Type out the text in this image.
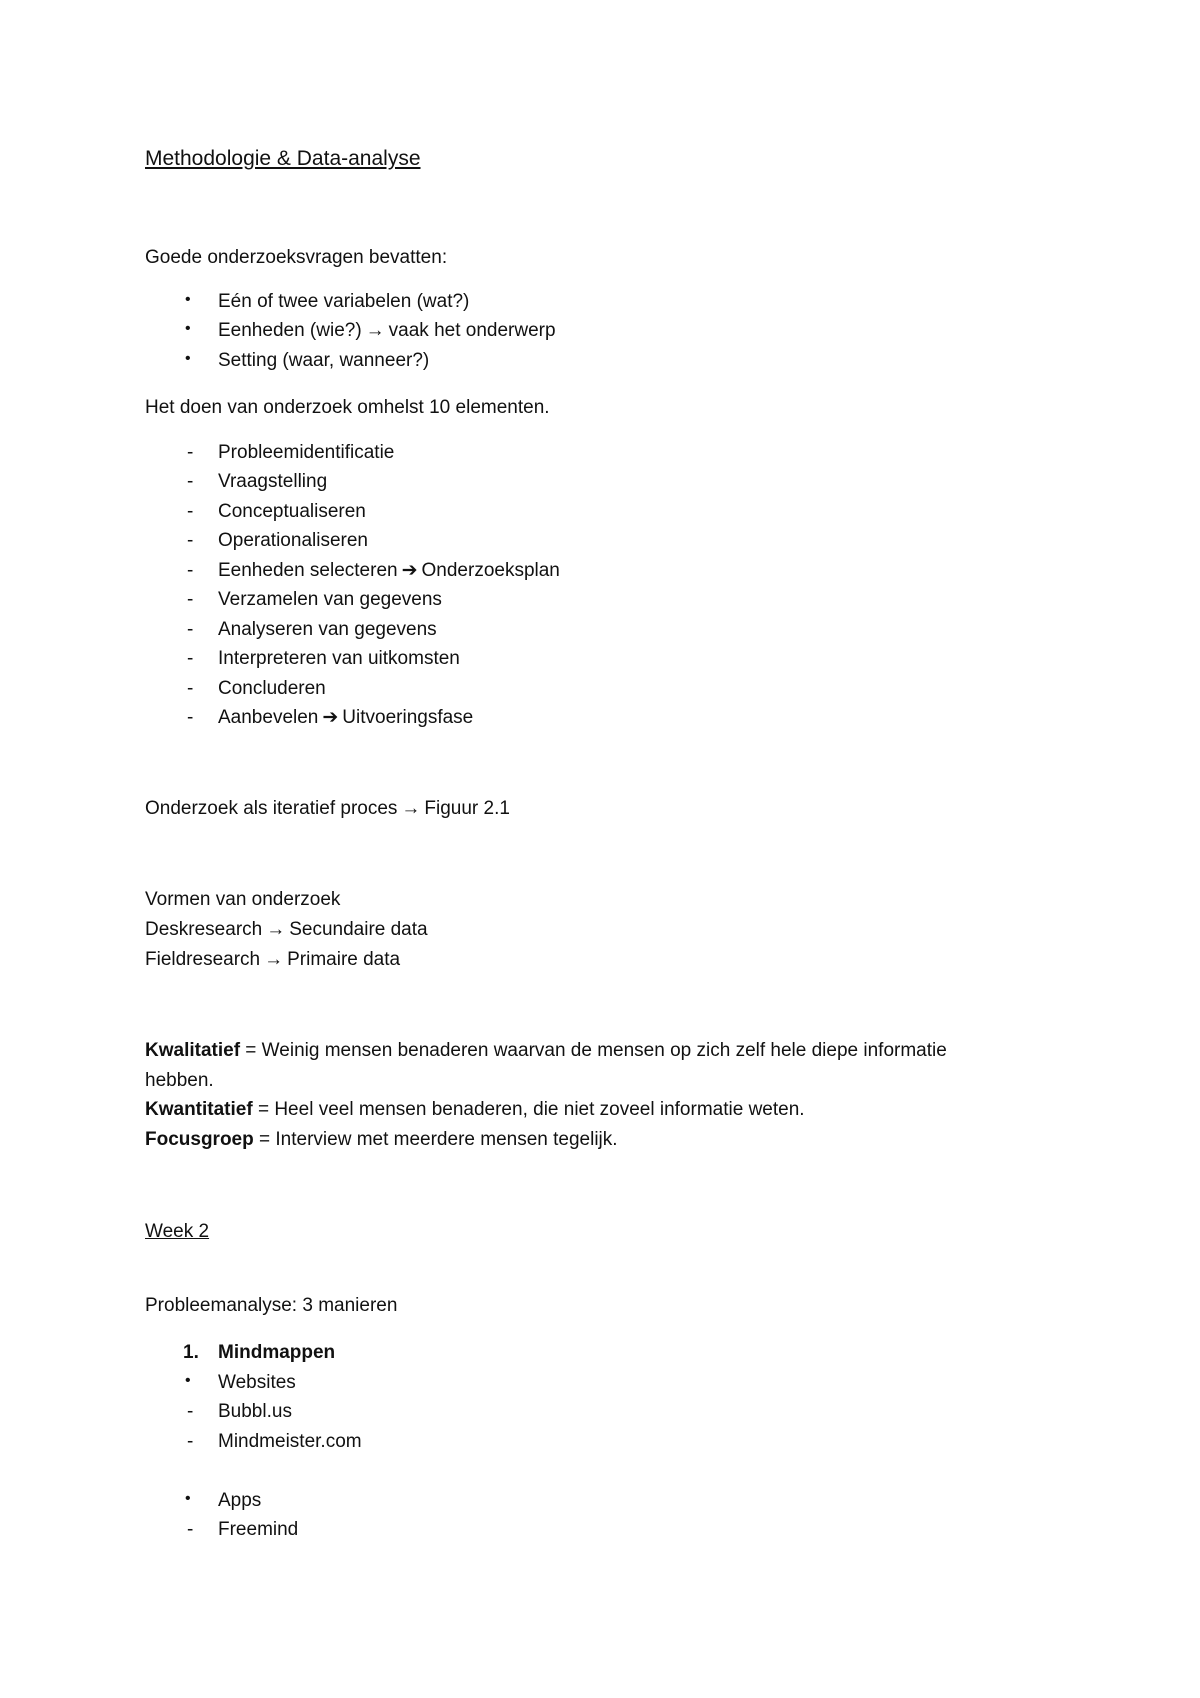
Methodologie & Data-analyse
Goede onderzoeksvragen bevatten:
• Eén of twee variabelen (wat?)
• Eenheden (wie?) → vaak het onderwerp
• Setting (waar, wanneer?)
Het doen van onderzoek omhelst 10 elementen.
- Probleemidentificatie
- Vraagstelling
- Conceptualiseren
- Operationaliseren
- Eenheden selecteren ➔ Onderzoeksplan
- Verzamelen van gegevens
- Analyseren van gegevens
- Interpreteren van uitkomsten
- Concluderen
- Aanbevelen ➔ Uitvoeringsfase
Onderzoek als iteratief proces → Figuur 2.1
Vormen van onderzoek
Deskresearch → Secundaire data
Fieldresearch → Primaire data
Kwalitatief = Weinig mensen benaderen waarvan de mensen op zich zelf hele diepe informatie
hebben.
Kwantitatief = Heel veel mensen benaderen, die niet zoveel informatie weten.
Focusgroep = Interview met meerdere mensen tegelijk.
Week 2
Probleemanalyse: 3 manieren
1. Mindmappen
• Websites
- Bubbl.us
- Mindmeister.com
• Apps
- Freemind
